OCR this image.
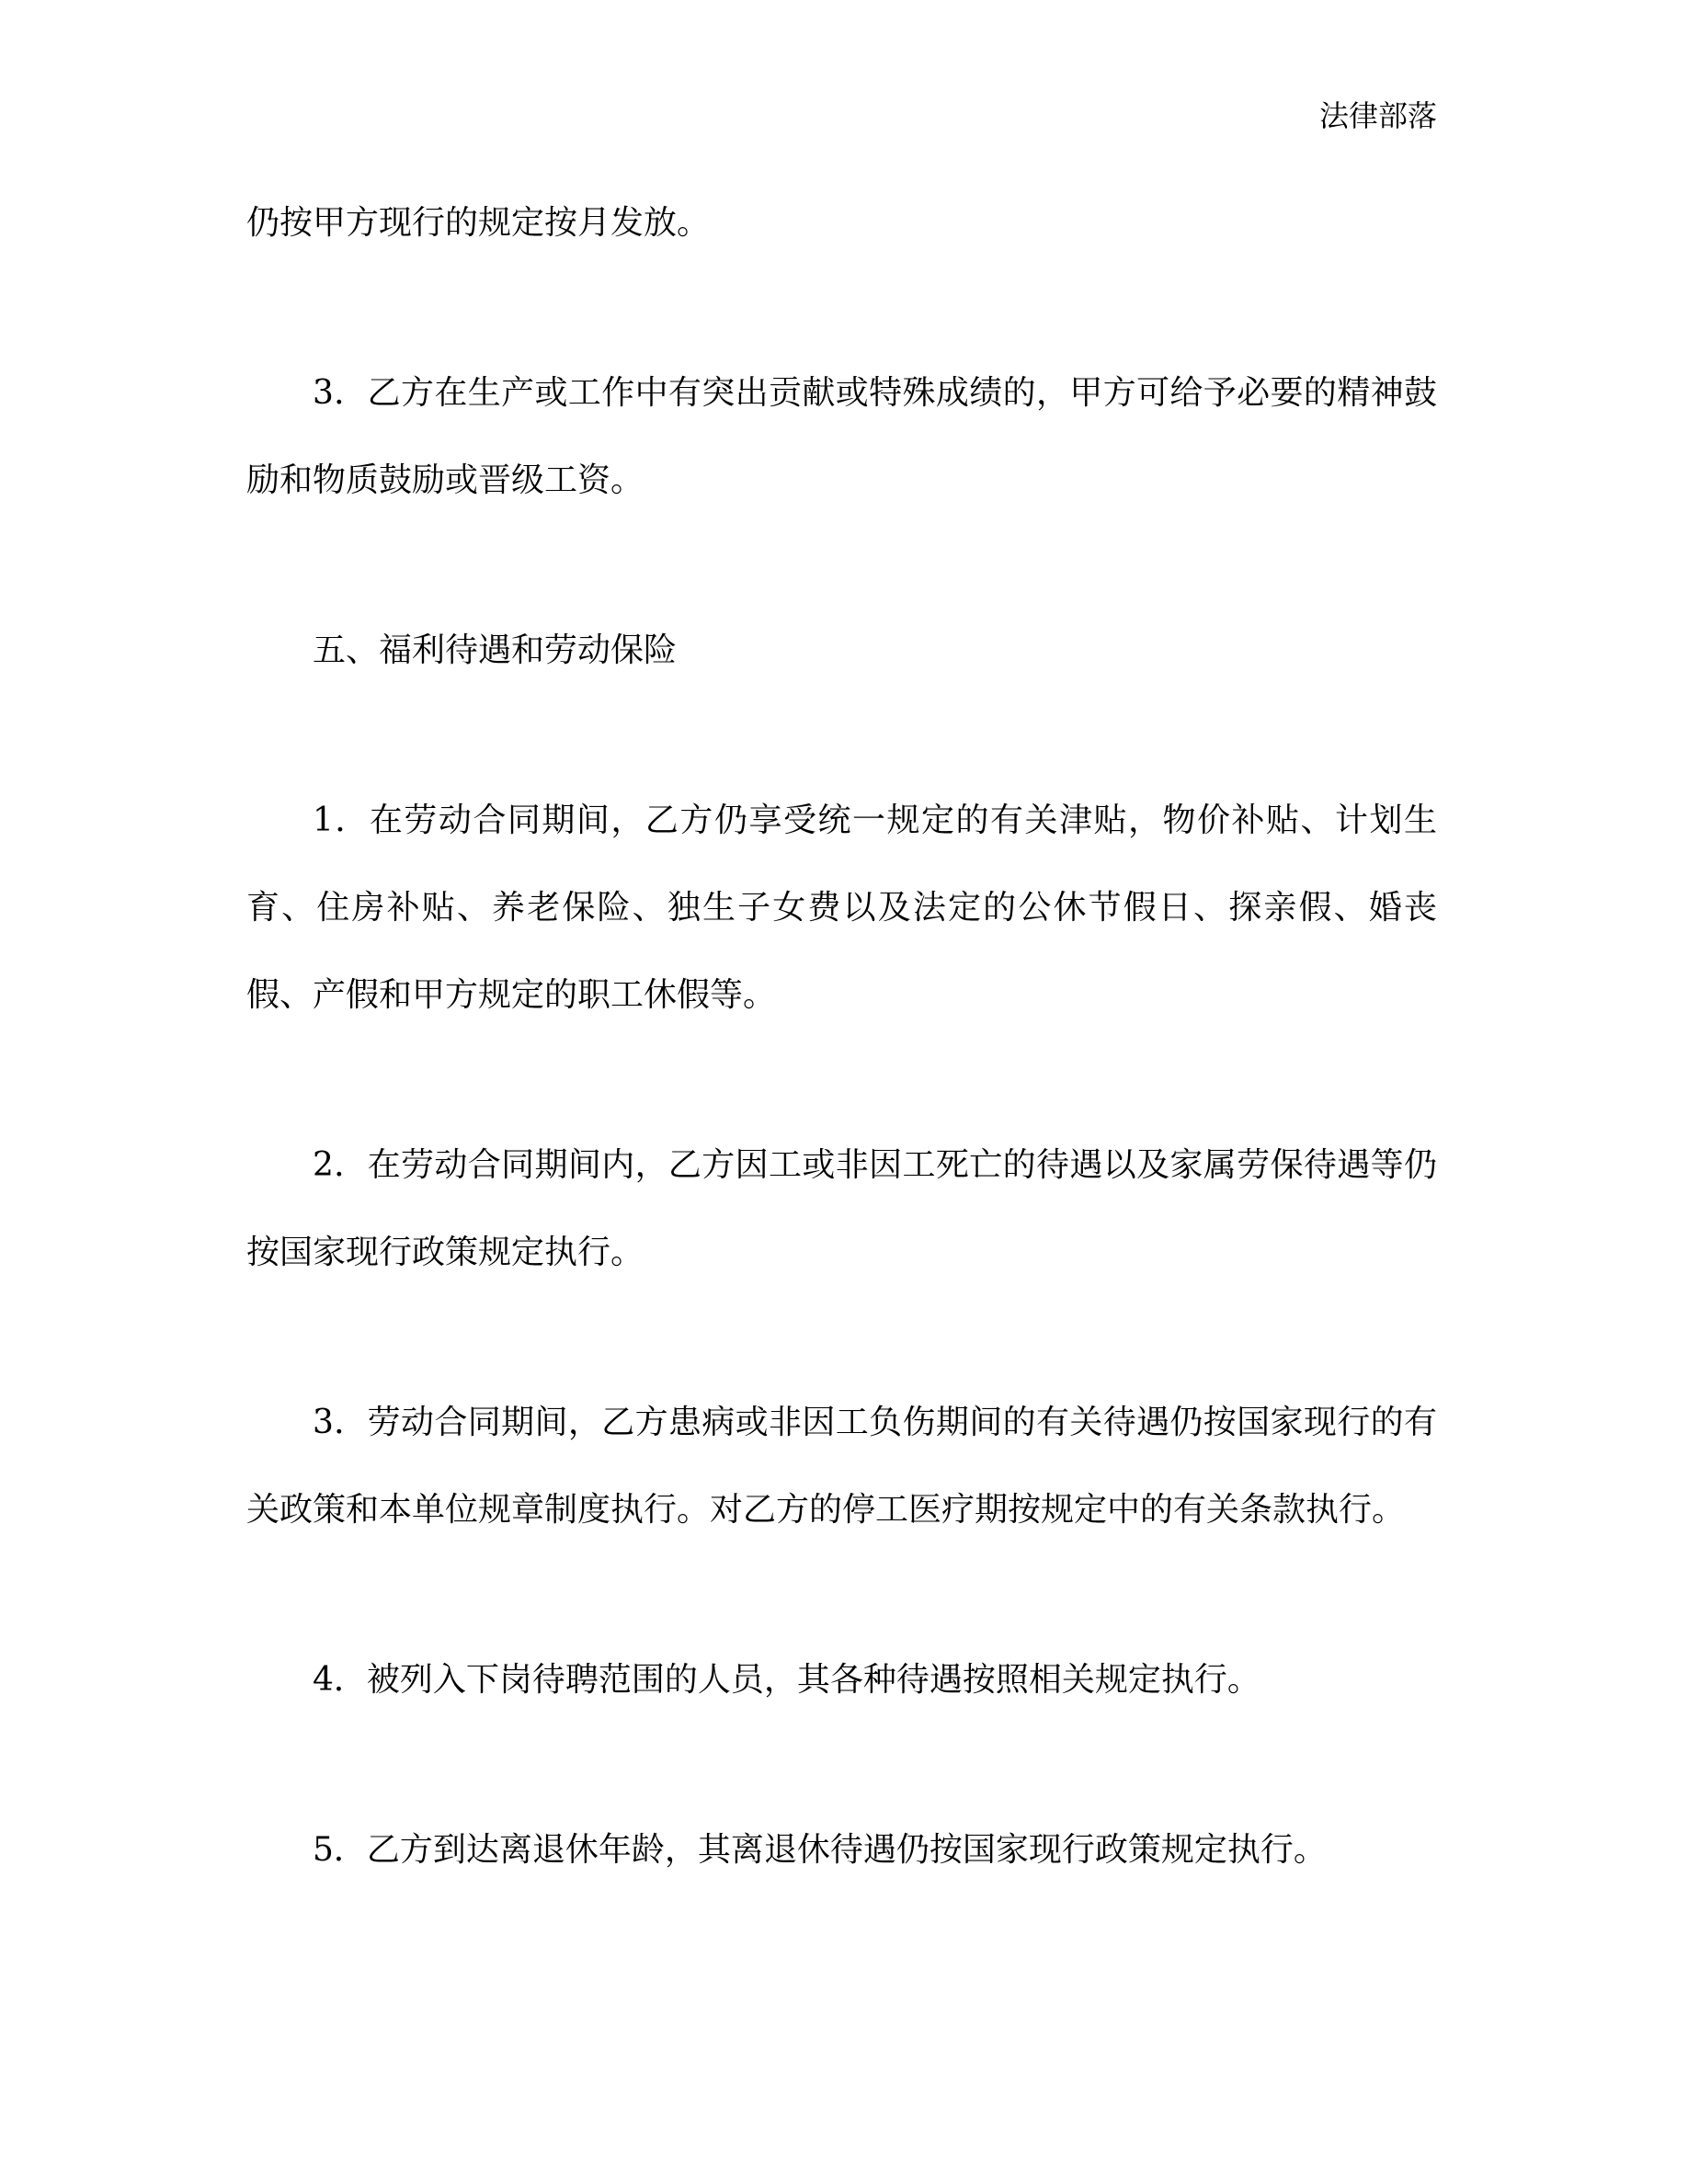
法律部落

仍按甲方现行的规定按月发放。

3．乙方在生产或工作中有突出贡献或特殊成绩的，甲方可给予必要的精神鼓励和物质鼓励或晋级工资。

五、福利待遇和劳动保险

1．在劳动合同期间，乙方仍享受统一规定的有关津贴，物价补贴、计划生育、住房补贴、养老保险、独生子女费以及法定的公休节假日、探亲假、婚丧假、产假和甲方规定的职工休假等。

2．在劳动合同期间内，乙方因工或非因工死亡的待遇以及家属劳保待遇等仍按国家现行政策规定执行。

3．劳动合同期间，乙方患病或非因工负伤期间的有关待遇仍按国家现行的有关政策和本单位规章制度执行。对乙方的停工医疗期按规定中的有关条款执行。

4．被列入下岗待聘范围的人员，其各种待遇按照相关规定执行。

5．乙方到达离退休年龄，其离退休待遇仍按国家现行政策规定执行。
